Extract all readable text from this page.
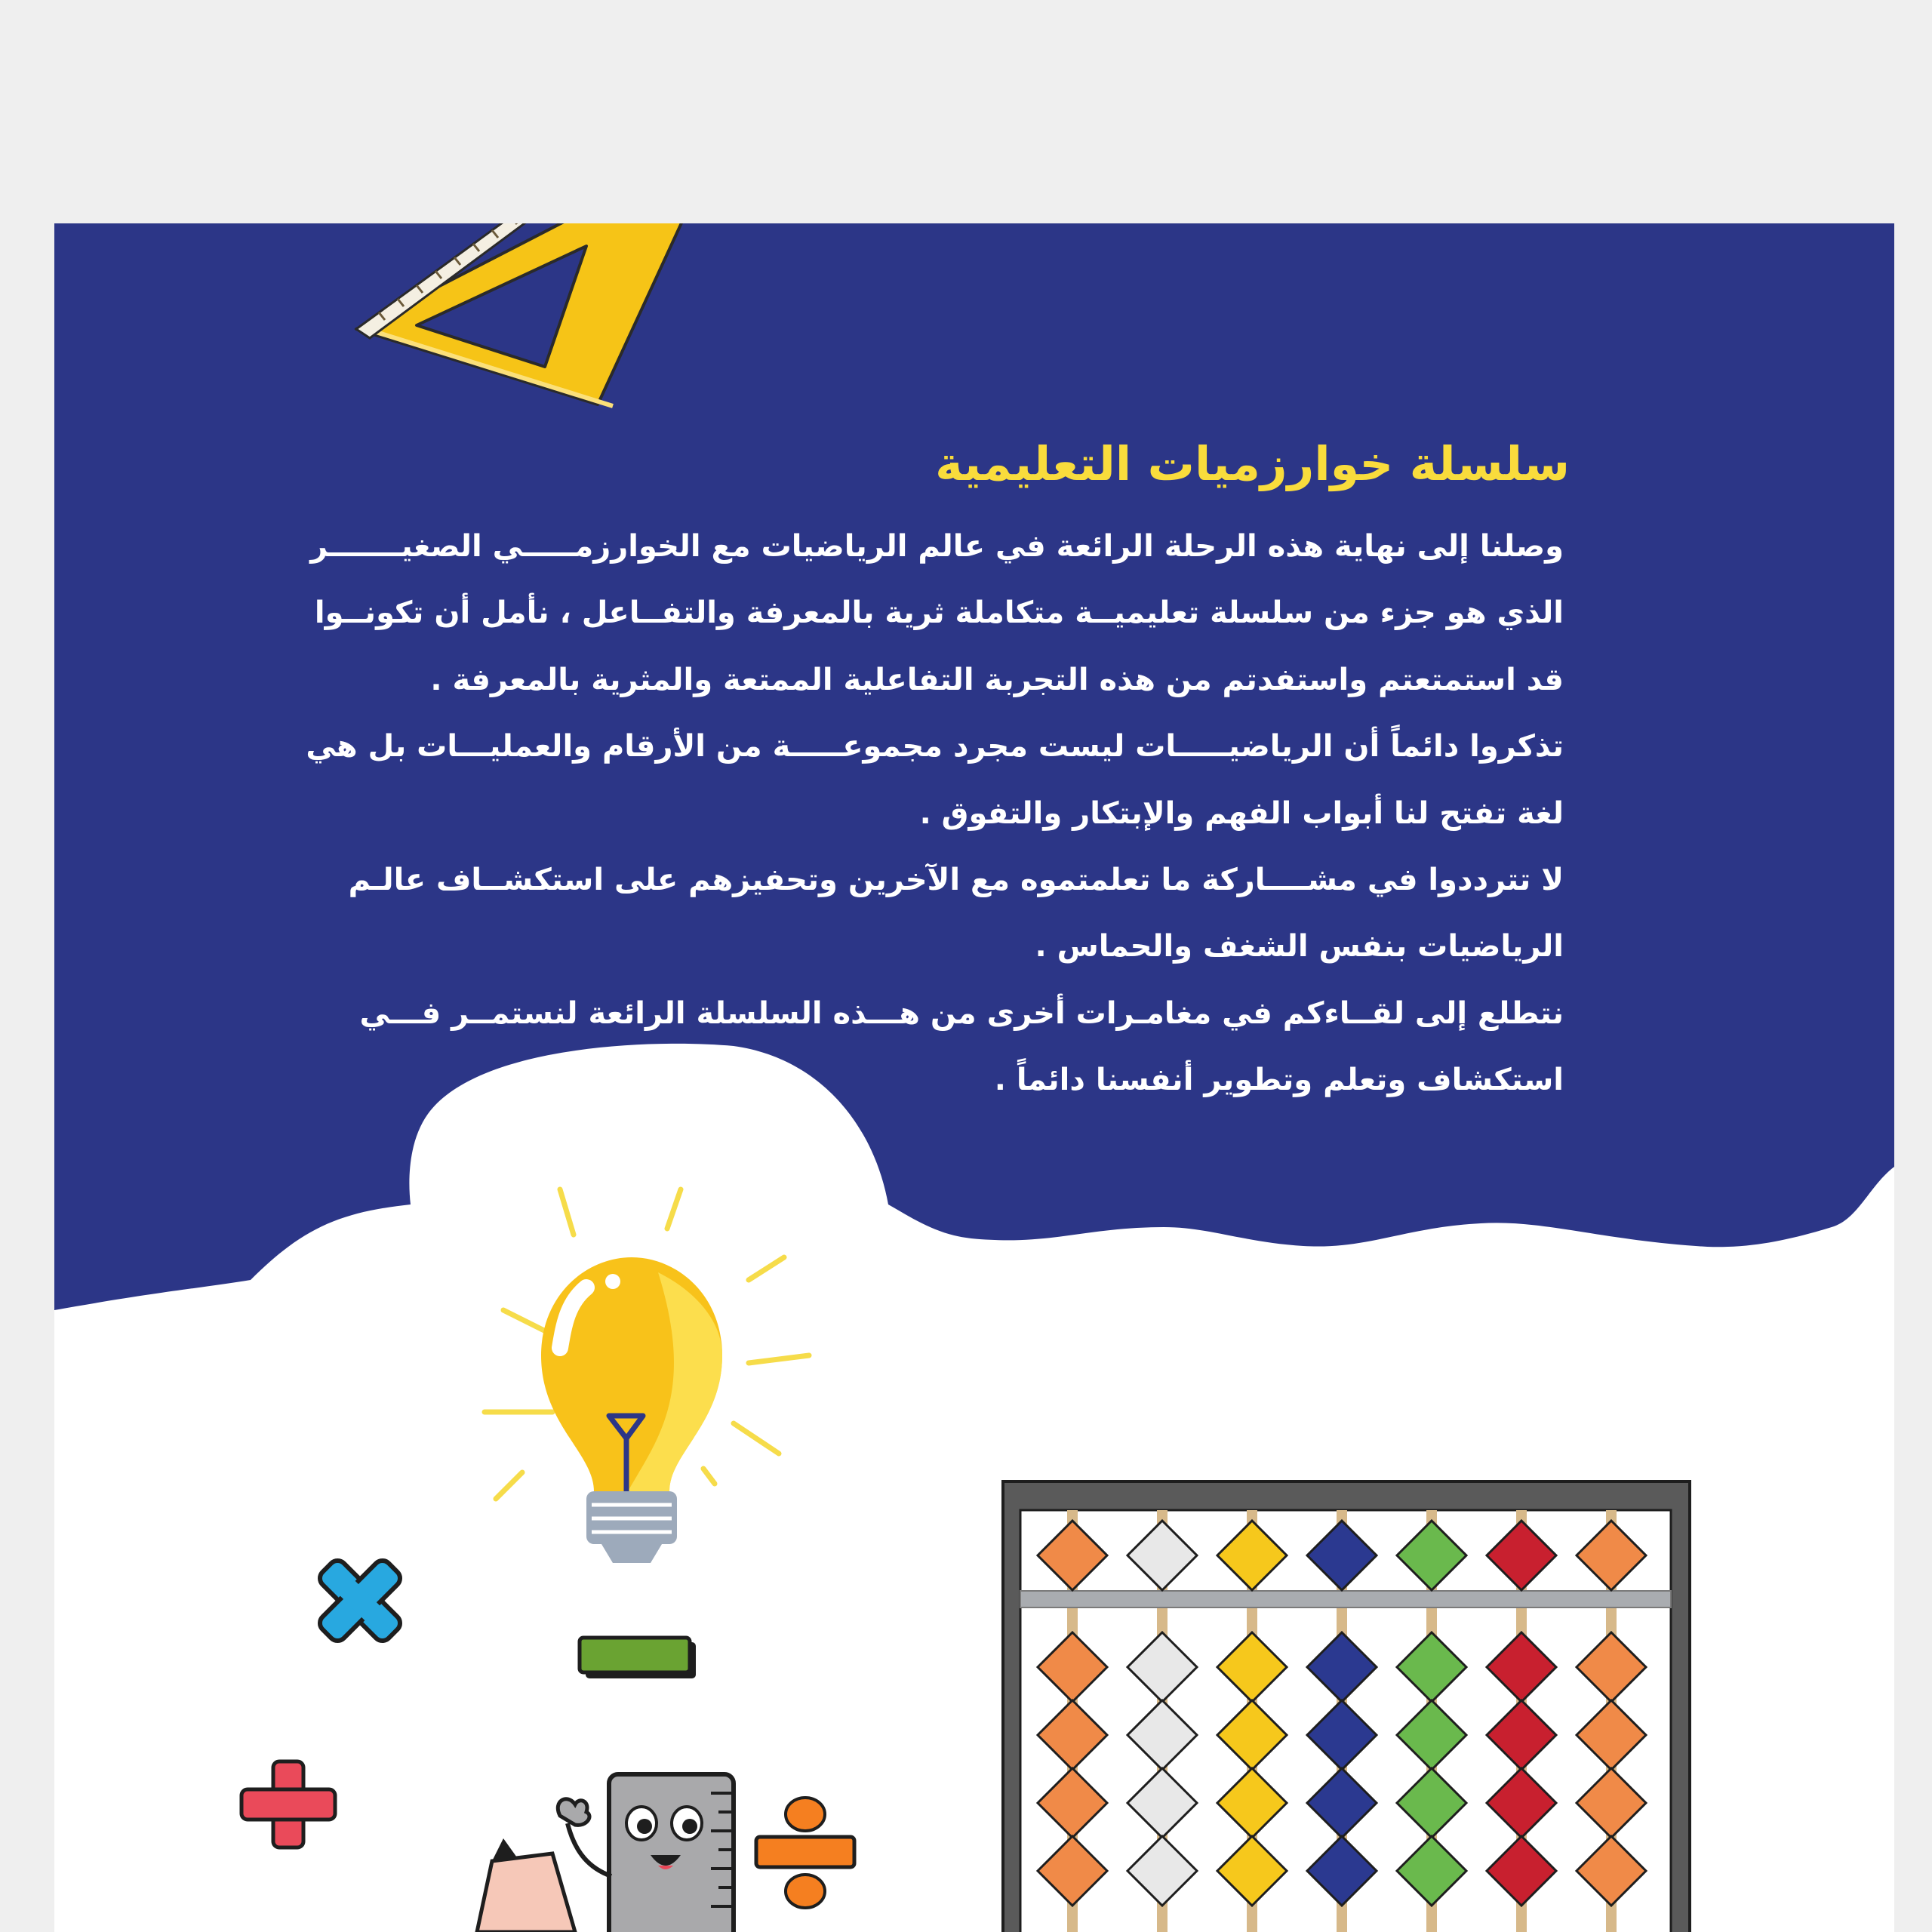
سلسلة خوارزميات التعليمية
وصلنا إلى نهاية هذه الرحلة الرائعة في عالم الرياضيات مع الخوارزمـــــي الصغيـــــــر
الذي هو جزء من سلسلة تعليميــة متكاملة ثرية بالمعرفة والتفــاعل ، نأمل أن تكونــوا
قد استمتعتم واستفدتم من هذه التجربة التفاعلية الممتعة والمثرية بالمعرفة .
تذكروا دائماً أن الرياضيـــــات ليست مجرد مجموعـــــة من الأرقام والعمليـــات بل هي
لغة تفتح لنا أبواب الفهم والإبتكار والتفوق .
لا تترددوا في مشــــاركة ما تعلمتموه مع الآخرين وتحفيزهم على استكشــاف عالـم
الرياضيات بنفس الشغف والحماس .
نتطلع إلى لقــاءكم في مغامـرات أخرى من هـــذه السلسلة الرائعة لنستمــر فـــي
استكشاف وتعلم وتطوير أنفسنا دائماً .
